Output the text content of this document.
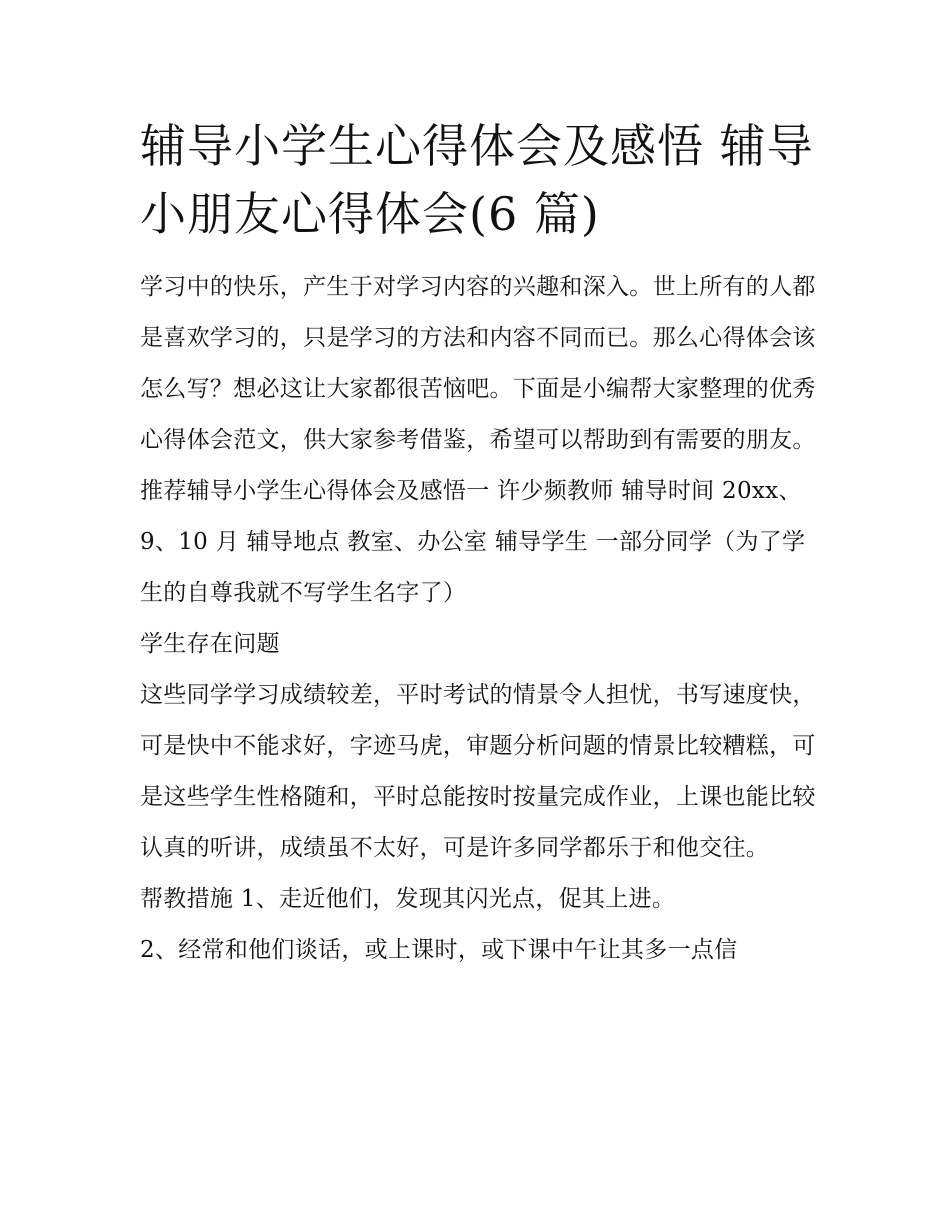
辅导小学生心得体会及感悟 辅导小朋友心得体会(6 篇)

学习中的快乐，产生于对学习内容的兴趣和深入。世上所有的人都是喜欢学习的，只是学习的方法和内容不同而已。那么心得体会该怎么写？想必这让大家都很苦恼吧。下面是小编帮大家整理的优秀心得体会范文，供大家参考借鉴，希望可以帮助到有需要的朋友。

推荐辅导小学生心得体会及感悟一 许少频教师 辅导时间 20xx、9、10 月 辅导地点 教室、办公室 辅导学生 一部分同学（为了学生的自尊我就不写学生名字了）

学生存在问题

这些同学学习成绩较差，平时考试的情景令人担忧，书写速度快，可是快中不能求好，字迹马虎，审题分析问题的情景比较糟糕，可是这些学生性格随和，平时总能按时按量完成作业，上课也能比较认真的听讲，成绩虽不太好，可是许多同学都乐于和他交往。

帮教措施 1、走近他们，发现其闪光点，促其上进。

2、经常和他们谈话，或上课时，或下课中午让其多一点信
